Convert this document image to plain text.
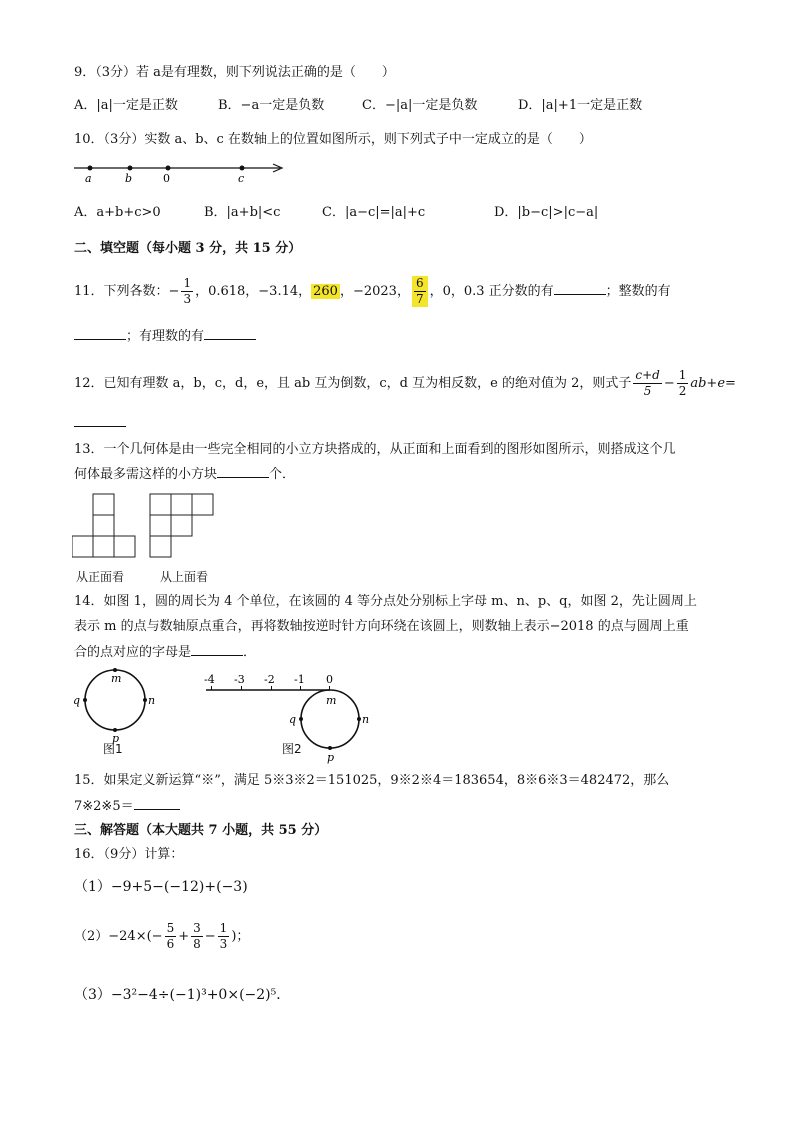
9．（3分）若 a是有理数，则下列说法正确的是（　　）
A．|a|一定是正数	B．−a一定是负数	C．−|a|一定是负数	D．|a|+1一定是正数
10．（3分）实数 a、b、c 在数轴上的位置如图所示，则下列式子中一定成立的是（　　）
a	b	0	c
A．a+b+c>0	B．|a+b|<c	C．|a−c|=|a|+c	D．|b−c|>|c−a|
二、填空题（每小题 3 分，共 15 分）
11．下列各数：− $\frac{1}{3}$ ，0.618，−3.14， 260 ，−2023， $\frac{6}{7}$ ，0，0.3 正分数的有	；整数的有
；有理数的有
12．已知有理数 a，b，c，d，e，且 ab 互为倒数，c，d 互为相反数，e 的绝对值为 2，则式子 $\frac{c+d}{5} - \frac{1}{2} ab+e=$
13．一个几何体是由一些完全相同的小立方块搭成的，从正面和上面看到的图形如图所示，则搭成这个几
何体最多需这样的小方块	个．
从正面看	从上面看
14．如图 1，圆的周长为 4 个单位，在该圆的 4 等分点处分别标上字母 m、n、p、q，如图 2，先让圆周上
表示 m 的点与数轴原点重合，再将数轴按逆时针方向环绕在该圆上，则数轴上表示−2018 的点与圆周上重
合的点对应的字母是	．
m
n
p
q
图1
-4 -3 -2 -1 0
m
n
p
q
图2
15．如果定义新运算“※”，满足 5※3※2＝151025，9※2※4＝183654，8※6※3＝482472，那么
7※2※5＝
三、解答题（本大题共 7 小题，共 55 分）
16．（9分）计算：
（1）−9+5−(−12)+(−3)
$(2)-24\times(- \frac{5}{6} + \frac{3}{8} - \frac{1}{3}$ )；
（3）−3²−4÷(−1)³+0×(−2)⁵．
